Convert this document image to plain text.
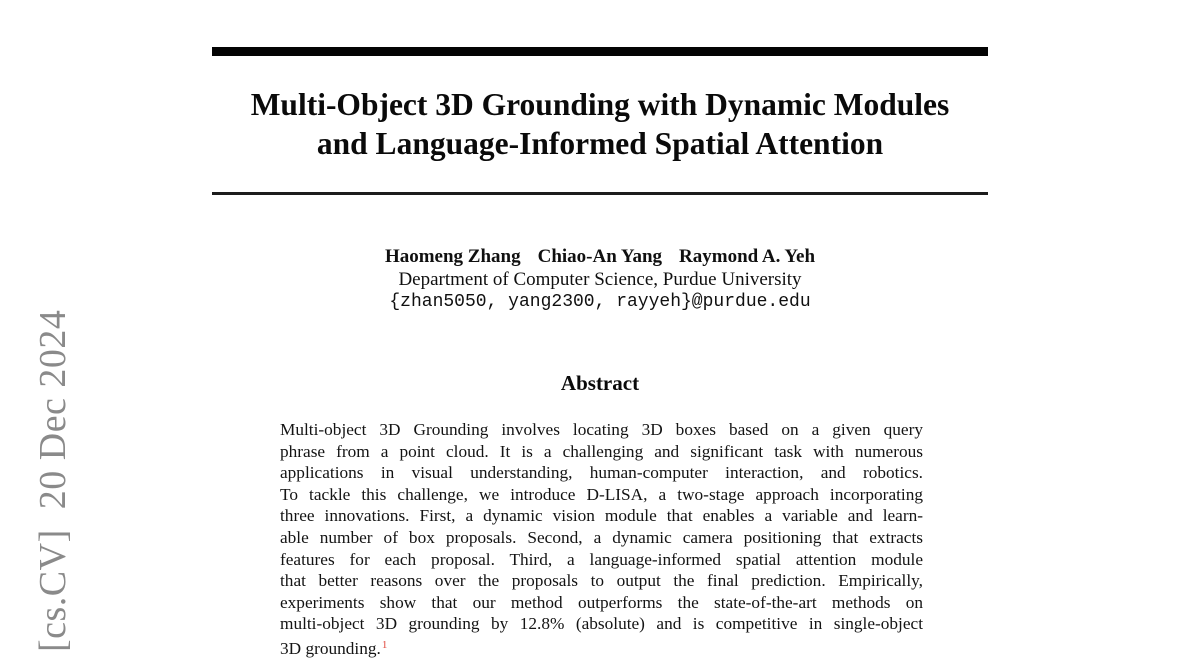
[cs.CV]  20 Dec 2024
Multi-Object 3D Grounding with Dynamic Modules
and Language-Informed Spatial Attention
Haomeng Zhang Chiao-An Yang Raymond A. Yeh
Department of Computer Science, Purdue University
{zhan5050, yang2300, rayyeh}@purdue.edu
Abstract
Multi-object 3D Grounding involves locating 3D boxes based on a given query
phrase from a point cloud. It is a challenging and significant task with numerous
applications in visual understanding, human-computer interaction, and robotics.
To tackle this challenge, we introduce D-LISA, a two-stage approach incorporating
three innovations. First, a dynamic vision module that enables a variable and learn-
able number of box proposals. Second, a dynamic camera positioning that extracts
features for each proposal. Third, a language-informed spatial attention module
that better reasons over the proposals to output the final prediction. Empirically,
experiments show that our method outperforms the state-of-the-art methods on
multi-object 3D grounding by 12.8% (absolute) and is competitive in single-object
3D grounding.$^1$
